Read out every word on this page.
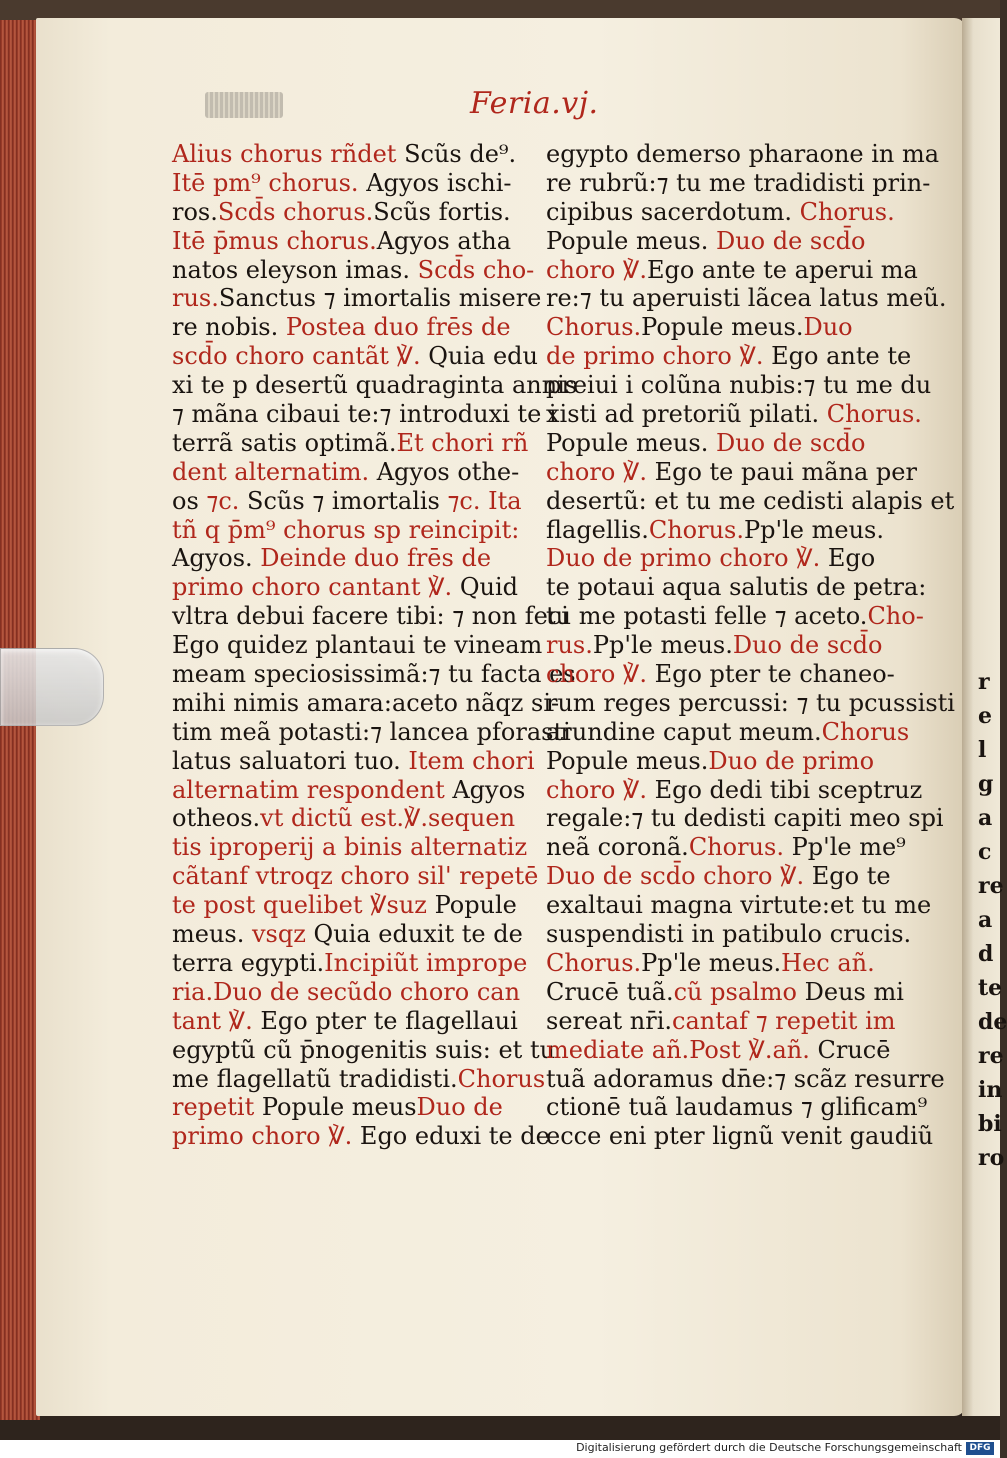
r
e
l
g
a
c
re
a
d
te
de
re
in
bi
ro
Feria.vj.
Alius chorus rñdet Scũs de⁹.
Itē pm⁹ chorus. Agyos ischi-
ros.Scd̄s chorus.Scũs fortis.
Itē p̄mus chorus.Agyos atha
natos eleyson imas. Scd̄s cho-
rus.Sanctus ⁊ imortalis misere
re nobis. Postea duo frēs de
scd̄o choro cantãt ℣. Quia edu
xi te p desertũ quadraginta annis
⁊ mãna cibaui te:⁊ introduxi te i
terrã satis optimã.Et chori rñ
dent alternatim. Agyos othe-
os ⁊c. Scũs ⁊ imortalis ⁊c. Ita
tñ q p̄m⁹ chorus sp reincipit:
Agyos. Deinde duo frēs de
primo choro cantant ℣. Quid
vltra debui facere tibi: ⁊ non feci
Ego quidez plantaui te vineam
meam speciosissimã:⁊ tu facta es
mihi nimis amara:aceto nãqz si-
tim meã potasti:⁊ lancea pforasti
latus saluatori tuo. Item chori
alternatim respondent Agyos
otheos.vt dictũ est.℣.sequen
tis iproperij a binis alternatiz
cãtanf vtroqz choro sil' repetē
te post quelibet ℣suz Popule
meus. vsqz Quia eduxit te de
terra egypti.Incipiũt imprope
ria.Duo de secũdo choro can
tant ℣. Ego pter te flagellaui
egyptũ cũ p̄nogenitis suis: et tu
me flagellatũ tradidisti.Chorus
repetit Popule meusDuo de
primo choro ℣. Ego eduxi te de
egypto demerso pharaone in ma
re rubrũ:⁊ tu me tradidisti prin-
cipibus sacerdotum. Chorus.
Popule meus. Duo de scd̄o
choro ℣.Ego ante te aperui ma
re:⁊ tu aperuisti lãcea latus meũ.
Chorus.Popule meus.Duo
de primo choro ℣. Ego ante te
preiui i colũna nubis:⁊ tu me du
xisti ad pretoriũ pilati. Chorus.
Popule meus. Duo de scd̄o
choro ℣. Ego te paui mãna per
desertũ: et tu me cedisti alapis et
flagellis.Chorus.Pp'le meus.
Duo de primo choro ℣. Ego
te potaui aqua salutis de petra:
tu me potasti felle ⁊ aceto.Cho-
rus.Pp'le meus.Duo de scd̄o
choro ℣. Ego pter te chaneo-
rum reges percussi: ⁊ tu pcussisti
arundine caput meum.Chorus
Popule meus.Duo de primo
choro ℣. Ego dedi tibi sceptruz
regale:⁊ tu dedisti capiti meo spi
neã coronã.Chorus. Pp'le me⁹
Duo de scd̄o choro ℣. Ego te
exaltaui magna virtute:et tu me
suspendisti in patibulo crucis.
Chorus.Pp'le meus.Hec añ.
Crucē tuã.cũ psalmo Deus mi
sereat nr̄i.cantaf ⁊ repetit im
mediate añ.Post ℣.añ. Crucē
tuã adoramus dn̄e:⁊ scãz resurre
ctionē tuã laudamus ⁊ glificam⁹
ecce eni pter lignũ venit gaudiũ
Digitalisierung gefördert durch die Deutsche Forschungsgemeinschaft DFG
